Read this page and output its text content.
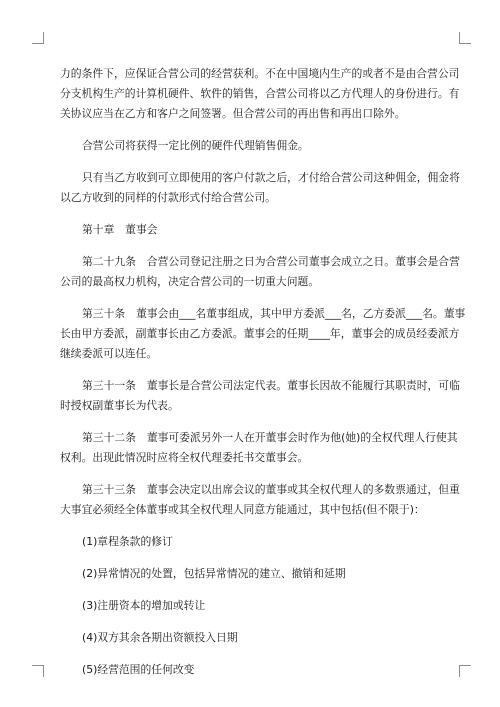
力的条件下，应保证合营公司的经营获利。不在中国境内生产的或者不是由合营公司
分支机构生产的计算机硬件、软件的销售，合营公司将以乙方代理人的身份进行。有
关协议应当在乙方和客户之间签署。但合营公司的再出售和再出口除外。

合营公司将获得一定比例的硬件代理销售佣金。

只有当乙方收到可立即使用的客户付款之后，才付给合营公司这种佣金，佣金将
以乙方收到的同样的付款形式付给合营公司。

第十章　董事会

第二十九条　合营公司登记注册之日为合营公司董事会成立之日。董事会是合营
公司的最高权力机构，决定合营公司的一切重大问题。

第三十条　董事会由___名董事组成，其中甲方委派___名，乙方委派___名。董事
长由甲方委派，副董事长由乙方委派。董事会的任期____年，董事会的成员经委派方
继续委派可以连任。

第三十一条　董事长是合营公司法定代表。董事长因故不能履行其职责时，可临
时授权副董事长为代表。

第三十二条　董事可委派另外一人在开董事会时作为他(她)的全权代理人行使其
权利。出现此情况时应将全权代理委托书交董事会。

第三十三条　董事会决定以出席会议的董事或其全权代理人的多数票通过，但重
大事宜必须经全体董事或其全权代理人同意方能通过，其中包括(但不限于)：

(1)章程条款的修订

(2)异常情况的处置，包括异常情况的建立、撤销和延期

(3)注册资本的增加或转让

(4)双方其余各期出资额投入日期

(5)经营范围的任何改变
